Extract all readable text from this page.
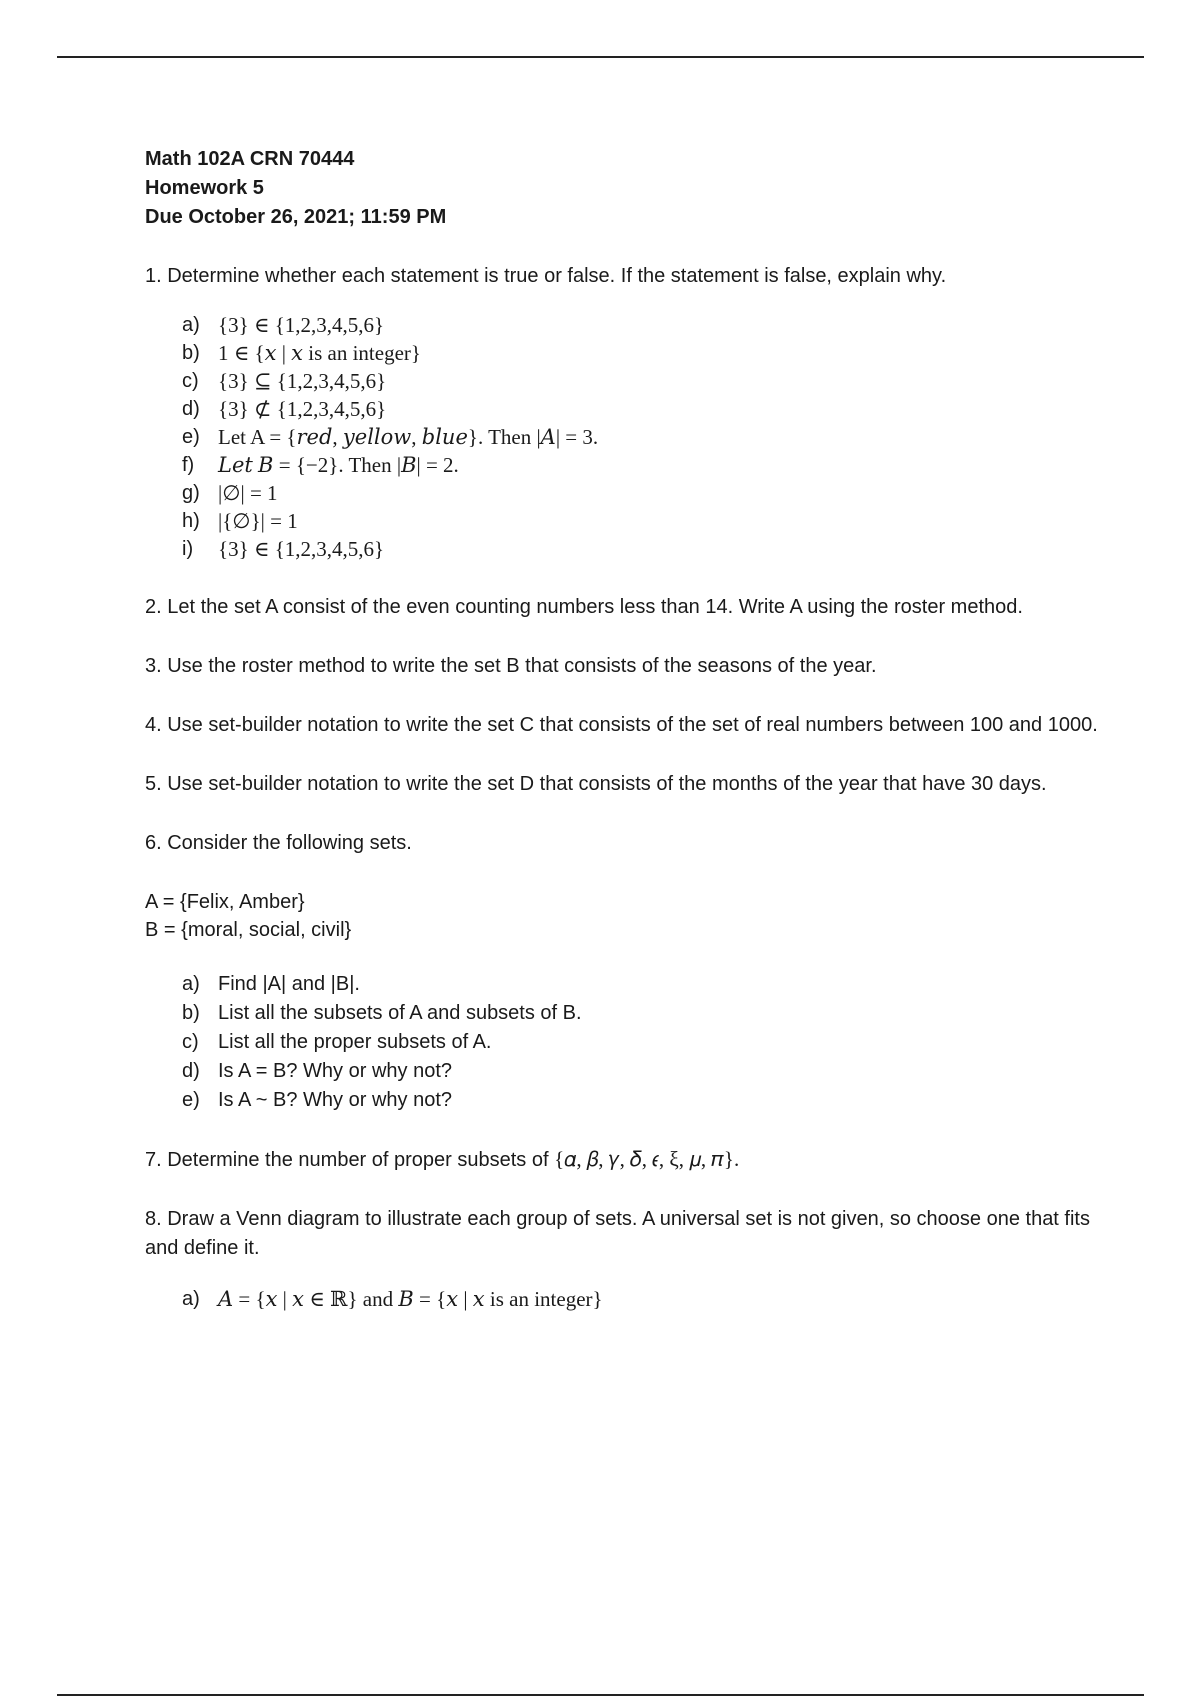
Math 102A CRN 70444
Homework 5
Due October 26, 2021; 11:59 PM

1. Determine whether each statement is true or false. If the statement is false, explain why.

a) {3} ∈ {1,2,3,4,5,6}
b) 1 ∈ {𝑥 | 𝑥 is an integer}
c) {3} ⊆ {1,2,3,4,5,6}
d) {3} ⊄ {1,2,3,4,5,6}
e) Let A = {𝑟𝑒𝑑, 𝑦𝑒𝑙𝑙𝑜𝑤, 𝑏𝑙𝑢𝑒}. Then |𝐴| = 3.
f) 𝐿𝑒𝑡 𝐵 = {−2}. Then |𝐵| = 2.
g) |∅| = 1
h) |{∅}| = 1
i) {3} ∈ {1,2,3,4,5,6}

2. Let the set A consist of the even counting numbers less than 14. Write A using the roster method.

3. Use the roster method to write the set B that consists of the seasons of the year.

4. Use set-builder notation to write the set C that consists of the set of real numbers between 100 and 1000.

5. Use set-builder notation to write the set D that consists of the months of the year that have 30 days.

6. Consider the following sets.

A = {Felix, Amber}

B = {moral, social, civil}

a) Find |A| and |B|.
b) List all the subsets of A and subsets of B.
c) List all the proper subsets of A.
d) Is A = B? Why or why not?
e) Is A ~ B? Why or why not?

7. Determine the number of proper subsets of {𝛼, 𝛽, 𝛾, 𝛿, 𝜖, ξ, 𝜇, 𝜋}.

8. Draw a Venn diagram to illustrate each group of sets. A universal set is not given, so choose one that fits and define it.

a) 𝐴 = {𝑥 | 𝑥 ∈ ℝ} and 𝐵 = {𝑥 | 𝑥 is an integer}
